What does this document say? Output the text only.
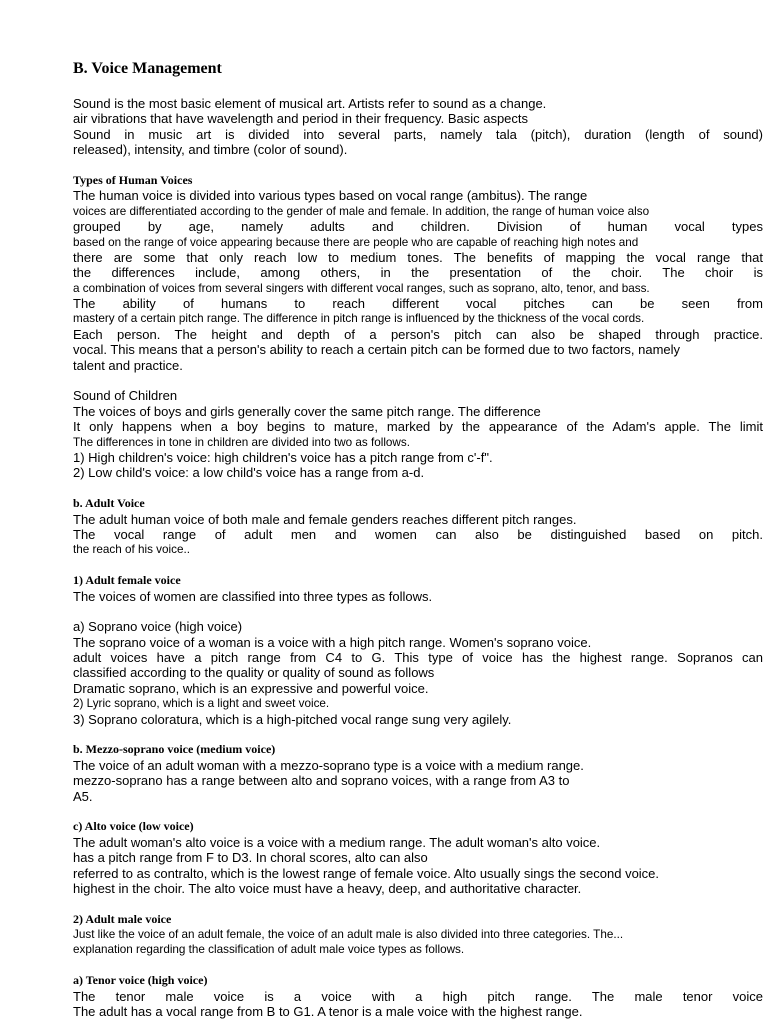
B. Voice Management
Sound is the most basic element of musical art. Artists refer to sound as a change.
air vibrations that have wavelength and period in their frequency. Basic aspects
Sound in music art is divided into several parts, namely tala (pitch), duration (length of sound)
released), intensity, and timbre (color of sound).
Types of Human Voices
The human voice is divided into various types based on vocal range (ambitus). The range
voices are differentiated according to the gender of male and female. In addition, the range of human voice also
grouped by age, namely adults and children. Division of human vocal types
based on the range of voice appearing because there are people who are capable of reaching high notes and
there are some that only reach low to medium tones. The benefits of mapping the vocal range that
the differences include, among others, in the presentation of the choir. The choir is
a combination of voices from several singers with different vocal ranges, such as soprano, alto, tenor, and bass.
The ability of humans to reach different vocal pitches can be seen from
mastery of a certain pitch range. The difference in pitch range is influenced by the thickness of the vocal cords.
Each person. The height and depth of a person's pitch can also be shaped through practice.
vocal. This means that a person's ability to reach a certain pitch can be formed due to two factors, namely
talent and practice.
Sound of Children
The voices of boys and girls generally cover the same pitch range. The difference
It only happens when a boy begins to mature, marked by the appearance of the Adam's apple. The limit
The differences in tone in children are divided into two as follows.
1) High children's voice: high children's voice has a pitch range from c'-f".
2) Low child's voice: a low child's voice has a range from a-d.
b. Adult Voice
The adult human voice of both male and female genders reaches different pitch ranges.
The vocal range of adult men and women can also be distinguished based on pitch.
the reach of his voice..
1) Adult female voice
The voices of women are classified into three types as follows.
a) Soprano voice (high voice)
The soprano voice of a woman is a voice with a high pitch range. Women's soprano voice.
adult voices have a pitch range from C4 to G. This type of voice has the highest range. Sopranos can
classified according to the quality or quality of sound as follows
Dramatic soprano, which is an expressive and powerful voice.
2) Lyric soprano, which is a light and sweet voice.
3) Soprano coloratura, which is a high-pitched vocal range sung very agilely.
b. Mezzo-soprano voice (medium voice)
The voice of an adult woman with a mezzo-soprano type is a voice with a medium range.
mezzo-soprano has a range between alto and soprano voices, with a range from A3 to
A5.
c) Alto voice (low voice)
The adult woman's alto voice is a voice with a medium range. The adult woman's alto voice.
has a pitch range from F to D3. In choral scores, alto can also
referred to as contralto, which is the lowest range of female voice. Alto usually sings the second voice.
highest in the choir. The alto voice must have a heavy, deep, and authoritative character.
2) Adult male voice
Just like the voice of an adult female, the voice of an adult male is also divided into three categories. The...
explanation regarding the classification of adult male voice types as follows.
a) Tenor voice (high voice)
The tenor male voice is a voice with a high pitch range. The male tenor voice
The adult has a vocal range from B to G1. A tenor is a male voice with the highest range.
